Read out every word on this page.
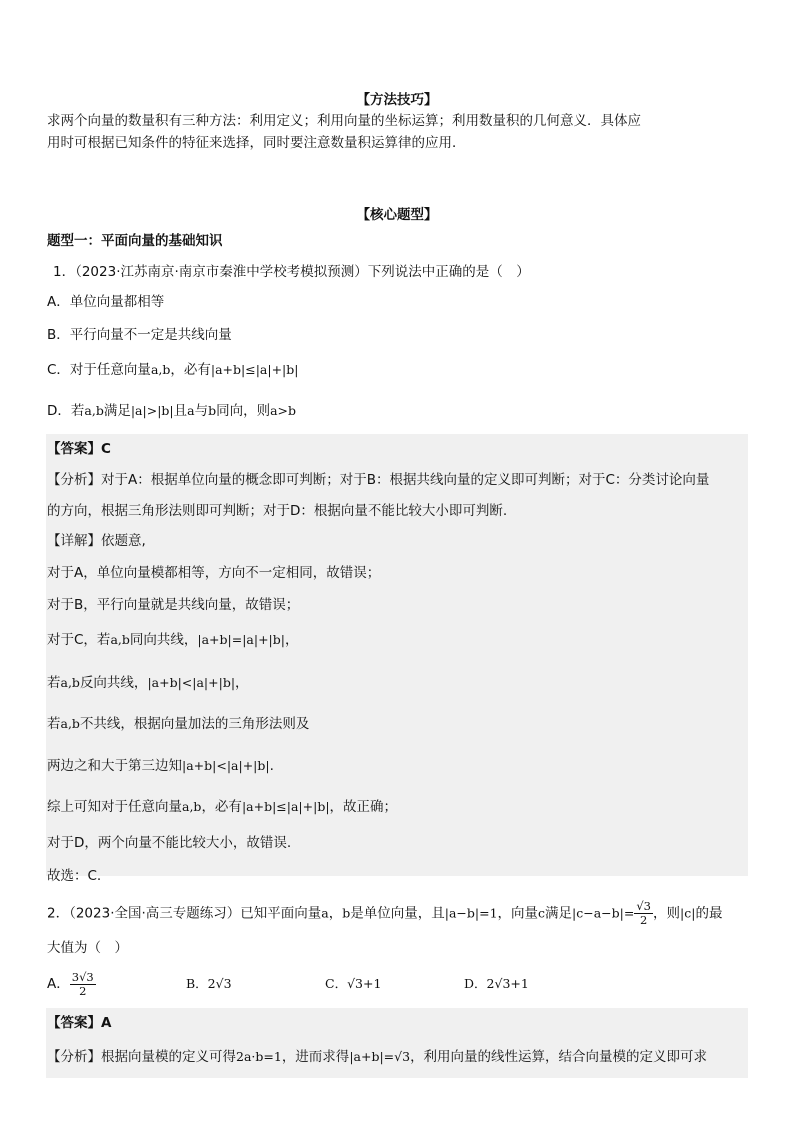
【方法技巧】
求两个向量的数量积有三种方法：利用定义；利用向量的坐标运算；利用数量积的几何意义．具体应
用时可根据已知条件的特征来选择，同时要注意数量积运算律的应用．
【核心题型】
题型一：平面向量的基础知识
1．（2023·江苏南京·南京市秦淮中学校考模拟预测）下列说法中正确的是（　）
A．单位向量都相等
B．平行向量不一定是共线向量
C．对于任意向量a,b，必有|a+b|≤|a|+|b|
D．若a,b满足|a|>|b|且a与b同向，则a>b
【答案】C
【分析】对于A：根据单位向量的概念即可判断；对于B：根据共线向量的定义即可判断；对于C：分类讨论向量
的方向，根据三角形法则即可判断；对于D：根据向量不能比较大小即可判断.
【详解】依题意,
对于A，单位向量模都相等，方向不一定相同，故错误；
对于B，平行向量就是共线向量，故错误；
对于C，若a,b同向共线，|a+b|=|a|+|b|，
若a,b反向共线，|a+b|<|a|+|b|，
若a,b不共线，根据向量加法的三角形法则及
两边之和大于第三边知|a+b|<|a|+|b|.
综上可知对于任意向量a,b，必有|a+b|≤|a|+|b|，故正确；
对于D，两个向量不能比较大小，故错误.
故选：C.
2．（2023·全国·高三专题练习）已知平面向量a，b是单位向量，且|a−b|=1，向量c满足$|c-a-b|= \frac{√3}{2}$ ，则|c|的最
大值为（　）
A． $\frac{3√3}{2}$	B．2√3	C．√3+1	D．2√3+1
【答案】A
【分析】根据向量模的定义可得2a·b=1，进而求得|a+b|=√3，利用向量的线性运算，结合向量模的定义即可求
